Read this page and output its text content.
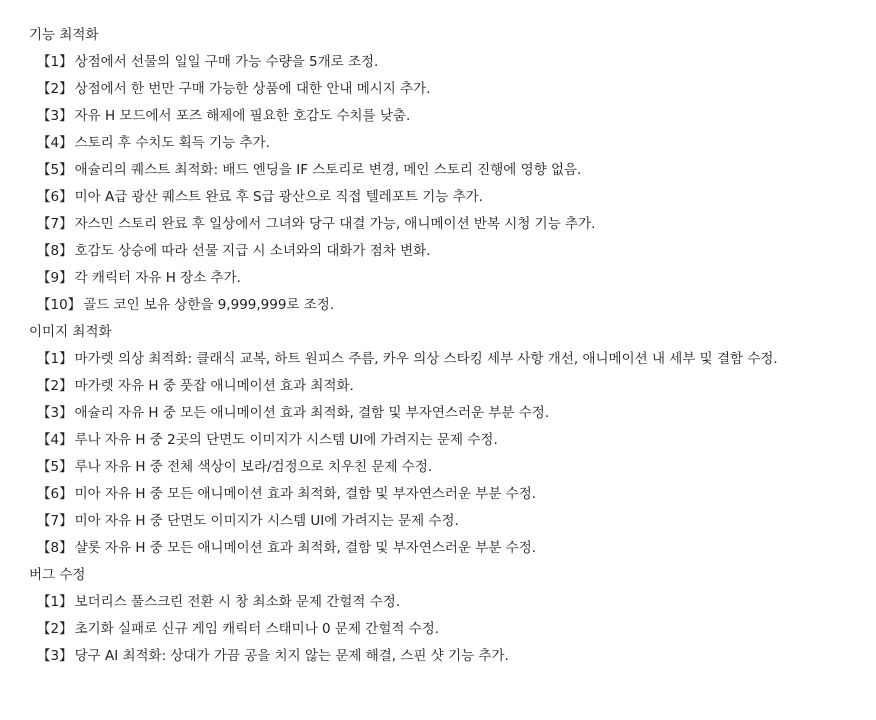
기능 최적화
【1】 상점에서 선물의 일일 구매 가능 수량을 5개로 조정.
【2】 상점에서 한 번만 구매 가능한 상품에 대한 안내 메시지 추가.
【3】 자유 H 모드에서 포즈 해제에 필요한 호감도 수치를 낮춤.
【4】 스토리 후 수치도 획득 기능 추가.
【5】 애슐리의 퀘스트 최적화: 배드 엔딩을 IF 스토리로 변경, 메인 스토리 진행에 영향 없음.
【6】 미아 A급 광산 퀘스트 완료 후 S급 광산으로 직접 텔레포트 기능 추가.
【7】 자스민 스토리 완료 후 일상에서 그녀와 당구 대결 가능, 애니메이션 반복 시청 기능 추가.
【8】 호감도 상승에 따라 선물 지급 시 소녀와의 대화가 점차 변화.
【9】 각 캐릭터 자유 H 장소 추가.
【10】 골드 코인 보유 상한을 9,999,999로 조정.
이미지 최적화
【1】 마가렛 의상 최적화: 클래식 교복, 하트 원피스 주름, 카우 의상 스타킹 세부 사항 개선, 애니메이션 내 세부 및 결함 수정.
【2】 마가렛 자유 H 중 풋잡 애니메이션 효과 최적화.
【3】 애슐리 자유 H 중 모든 애니메이션 효과 최적화, 결함 및 부자연스러운 부분 수정.
【4】 루나 자유 H 중 2곳의 단면도 이미지가 시스템 UI에 가려지는 문제 수정.
【5】 루나 자유 H 중 전체 색상이 보라/검정으로 치우친 문제 수정.
【6】 미아 자유 H 중 모든 애니메이션 효과 최적화, 결함 및 부자연스러운 부분 수정.
【7】 미아 자유 H 중 단면도 이미지가 시스템 UI에 가려지는 문제 수정.
【8】 샬롯 자유 H 중 모든 애니메이션 효과 최적화, 결함 및 부자연스러운 부분 수정.
버그 수정
【1】 보더리스 풀스크린 전환 시 창 최소화 문제 간헐적 수정.
【2】 초기화 실패로 신규 게임 캐릭터 스태미나 0 문제 간헐적 수정.
【3】 당구 AI 최적화: 상대가 가끔 공을 치지 않는 문제 해결, 스핀 샷 기능 추가.
